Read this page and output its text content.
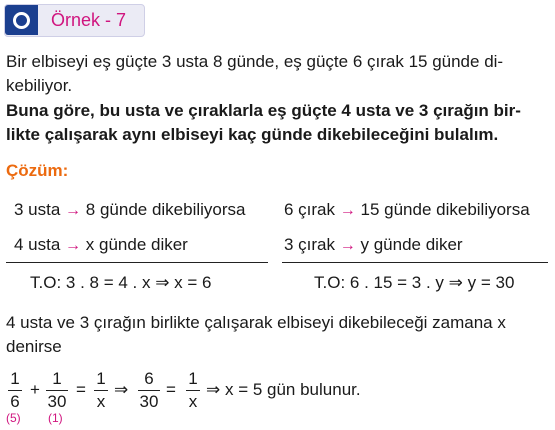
Örnek - 7
Bir elbiseyi eş güçte 3 usta 8 günde, eş güçte 6 çırak 15 günde di-
kebiliyor.
Buna göre, bu usta ve çıraklarla eş güçte 4 usta ve 3 çırağın bir-
likte çalışarak aynı elbiseyi kaç günde dikebileceğini bulalım.
Çözüm:
3 usta → 8 günde dikebiliyorsa
4 usta → x günde diker
T.O: 3 . 8 = 4 . x ⇒ x = 6
6 çırak → 15 günde dikebiliyorsa
3 çırak → y günde diker
T.O: 6 . 15 = 3 . y ⇒ y = 30
4 usta ve 3 çırağın birlikte çalışarak elbiseyi dikebileceği zamana x
denirse
1
6
+
1
30
=
1
x
⇒
6
30
=
1
x
⇒ x = 5 gün bulunur.
(5) (1)
